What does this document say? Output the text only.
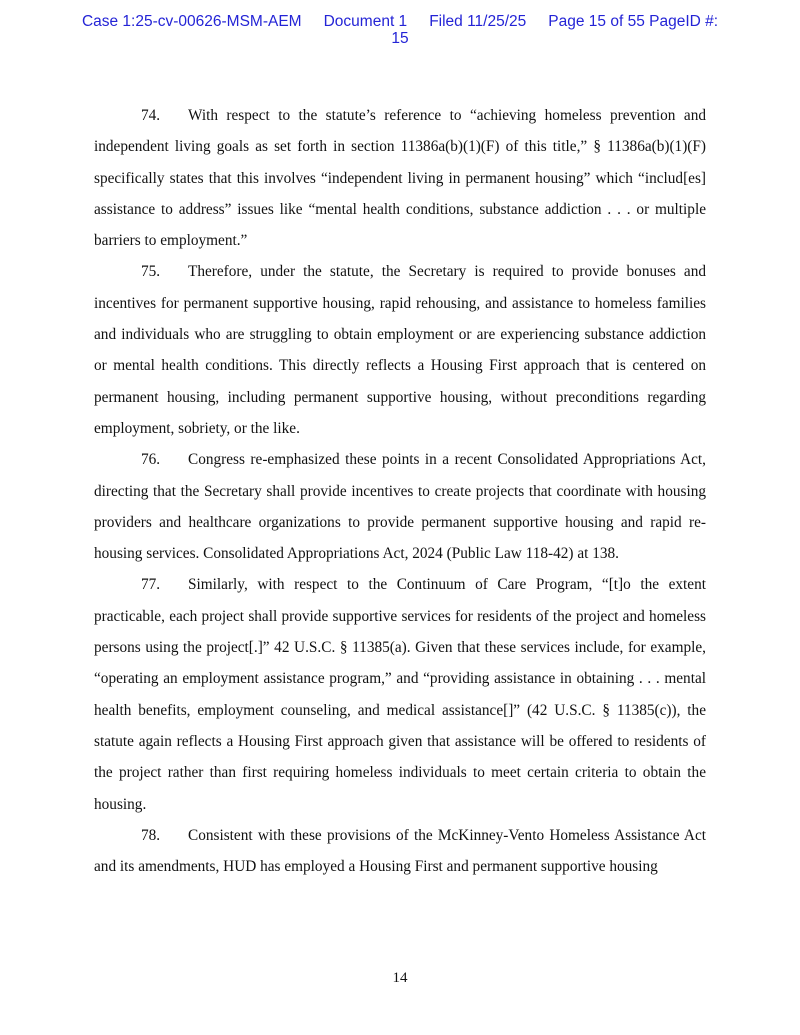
Case 1:25-cv-00626-MSM-AEM Document 1 Filed 11/25/25 Page 15 of 55 PageID #:
15

74. With respect to the statute’s reference to “achieving homeless prevention and independent living goals as set forth in section 11386a(b)(1)(F) of this title,” § 11386a(b)(1)(F) specifically states that this involves “independent living in permanent housing” which “includ[es] assistance to address” issues like “mental health conditions, substance addiction . . . or multiple barriers to employment.”

75. Therefore, under the statute, the Secretary is required to provide bonuses and incentives for permanent supportive housing, rapid rehousing, and assistance to homeless families and individuals who are struggling to obtain employment or are experiencing substance addiction or mental health conditions. This directly reflects a Housing First approach that is centered on permanent housing, including permanent supportive housing, without preconditions regarding employment, sobriety, or the like.

76. Congress re-emphasized these points in a recent Consolidated Appropriations Act, directing that the Secretary shall provide incentives to create projects that coordinate with housing providers and healthcare organizations to provide permanent supportive housing and rapid re-housing services. Consolidated Appropriations Act, 2024 (Public Law 118-42) at 138.

77. Similarly, with respect to the Continuum of Care Program, “[t]o the extent practicable, each project shall provide supportive services for residents of the project and homeless persons using the project[.]” 42 U.S.C. § 11385(a). Given that these services include, for example, “operating an employment assistance program,” and “providing assistance in obtaining . . . mental health benefits, employment counseling, and medical assistance[]” (42 U.S.C. § 11385(c)), the statute again reflects a Housing First approach given that assistance will be offered to residents of the project rather than first requiring homeless individuals to meet certain criteria to obtain the housing.

78. Consistent with these provisions of the McKinney-Vento Homeless Assistance Act and its amendments, HUD has employed a Housing First and permanent supportive housing

14
